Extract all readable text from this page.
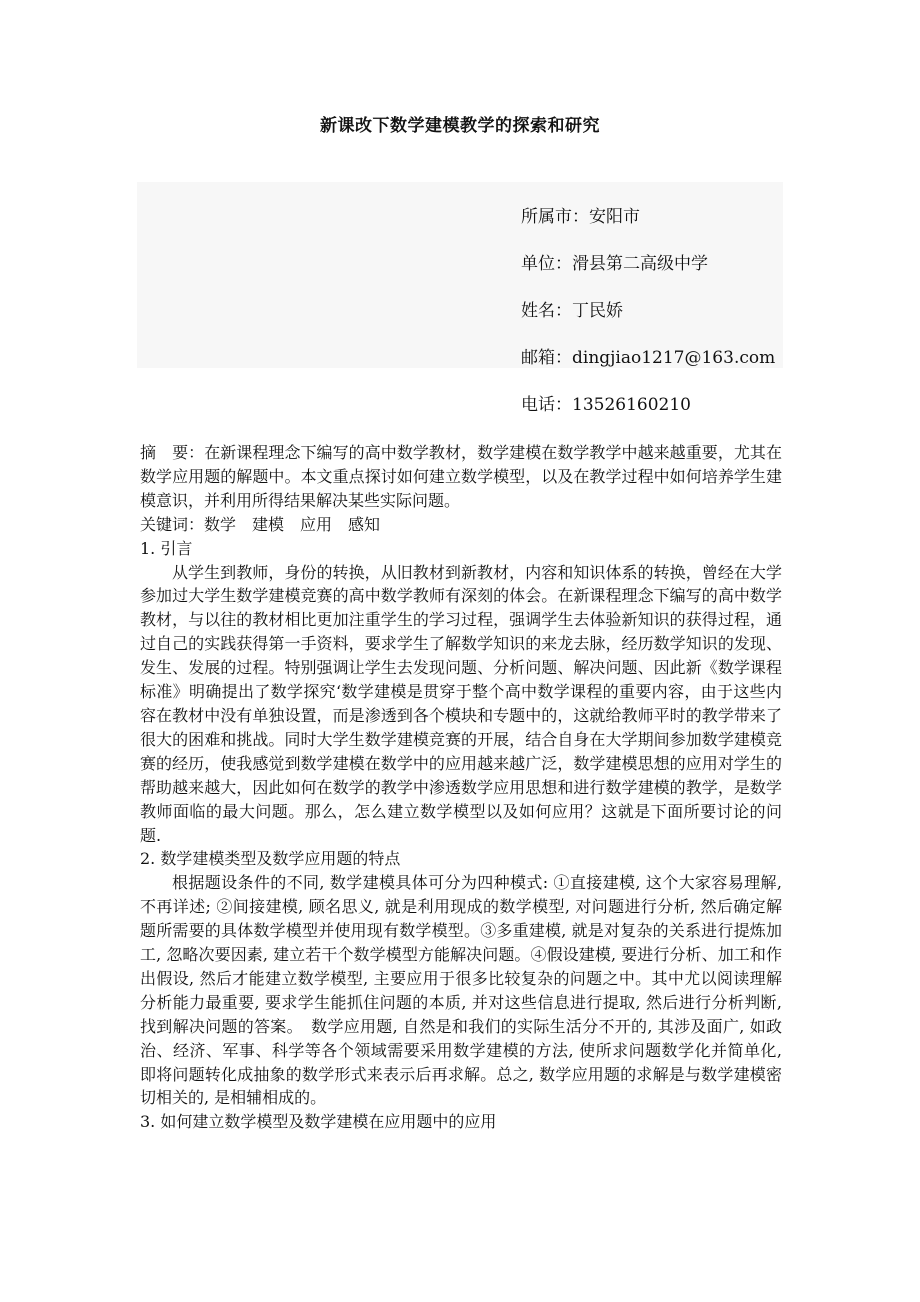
新课改下数学建模教学的探索和研究
所属市：安阳市
单位：滑县第二高级中学
姓名：丁民娇
邮箱：dingjiao1217@163.com
电话：13526160210

摘　要：在新课程理念下编写的高中数学教材，数学建模在数学教学中越来越重要，尤其在数学应用题的解题中。本文重点探讨如何建立数学模型，以及在教学过程中如何培养学生建模意识，并利用所得结果解决某些实际问题。

关键词：数学　建模　应用　感知

1. 引言

从学生到教师，身份的转换，从旧教材到新教材，内容和知识体系的转换，曾经在大学参加过大学生数学建模竞赛的高中数学教师有深刻的体会。在新课程理念下编写的高中数学教材，与以往的教材相比更加注重学生的学习过程，强调学生去体验新知识的获得过程，通过自己的实践获得第一手资料，要求学生了解数学知识的来龙去脉，经历数学知识的发现、发生、发展的过程。特别强调让学生去发现问题、分析问题、解决问题、因此新《数学课程标准》明确提出了数学探究‘数学建模是贯穿于整个高中数学课程的重要内容，由于这些内容在教材中没有单独设置，而是渗透到各个模块和专题中的，这就给教师平时的教学带来了很大的困难和挑战。同时大学生数学建模竞赛的开展，结合自身在大学期间参加数学建模竞赛的经历，使我感觉到数学建模在数学中的应用越来越广泛，数学建模思想的应用对学生的帮助越来越大，因此如何在数学的教学中渗透数学应用思想和进行数学建模的教学，是数学教师面临的最大问题。那么，怎么建立数学模型以及如何应用？这就是下面所要讨论的问题.

2. 数学建模类型及数学应用题的特点

根据题设条件的不同, 数学建模具体可分为四种模式: ①直接建模, 这个大家容易理解, 不再详述; ②间接建模, 顾名思义, 就是利用现成的数学模型, 对问题进行分析, 然后确定解题所需要的具体数学模型并使用现有数学模型。③多重建模, 就是对复杂的关系进行提炼加工, 忽略次要因素, 建立若干个数学模型方能解决问题。④假设建模, 要进行分析、加工和作出假设, 然后才能建立数学模型, 主要应用于很多比较复杂的问题之中。其中尤以阅读理解分析能力最重要, 要求学生能抓住问题的本质, 并对这些信息进行提取, 然后进行分析判断, 找到解决问题的答案。　数学应用题, 自然是和我们的实际生活分不开的, 其涉及面广, 如政治、经济、军事、科学等各个领域需要采用数学建模的方法, 使所求问题数学化并简单化, 即将问题转化成抽象的数学形式来表示后再求解。总之, 数学应用题的求解是与数学建模密切相关的, 是相辅相成的。

3. 如何建立数学模型及数学建模在应用题中的应用
